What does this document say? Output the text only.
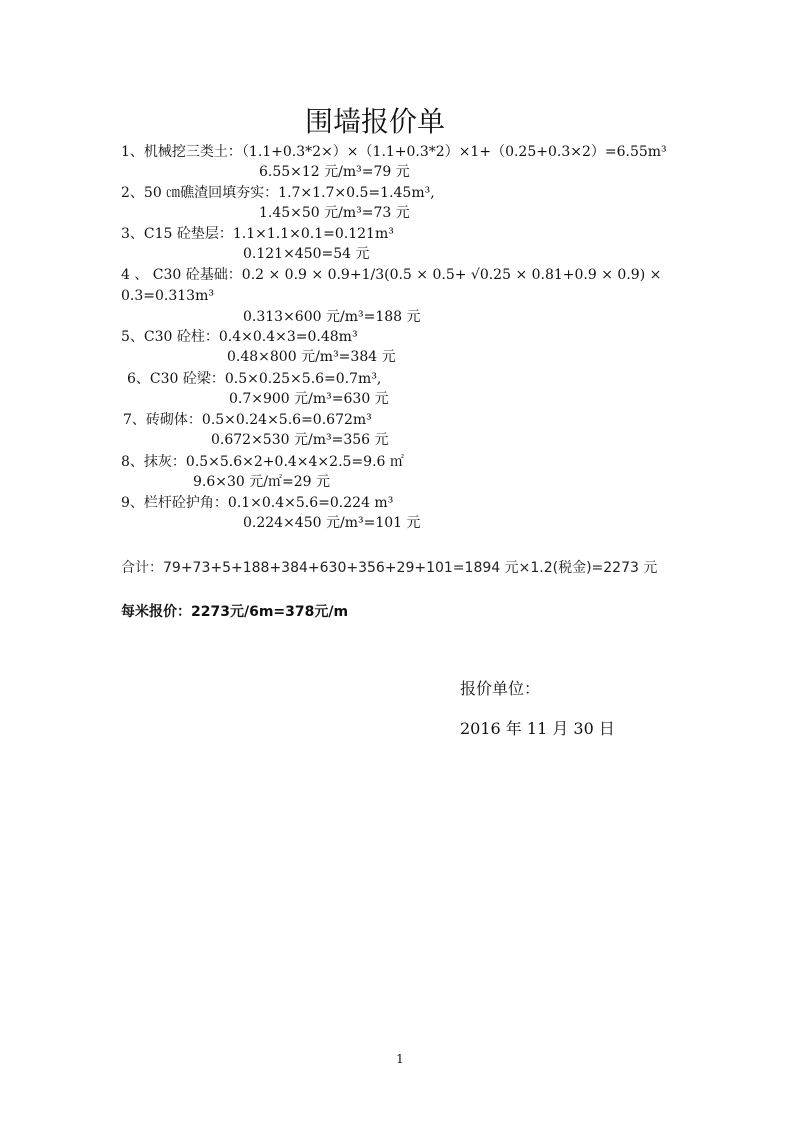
围墙报价单
1、机械挖三类土：（1.1+0.3*2×）×（1.1+0.3*2）×1+（0.25+0.3×2）=6.55m³
6.55×12 元/m³=79 元
2、50 ㎝礁渣回填夯实：1.7×1.7×0.5=1.45m³,
1.45×50 元/m³=73 元
3、C15 砼垫层：1.1×1.1×0.1=0.121m³
0.121×450=54 元
4 、 C30 砼基础：0.2 × 0.9 × 0.9+1/3(0.5 × 0.5+ √0.25 × 0.81+0.9 × 0.9) ×
0.3=0.313m³
0.313×600 元/m³=188 元
5、C30 砼柱：0.4×0.4×3=0.48m³
0.48×800 元/m³=384 元
6、C30 砼梁：0.5×0.25×5.6=0.7m³,
0.7×900 元/m³=630 元
7、砖砌体：0.5×0.24×5.6=0.672m³
0.672×530 元/m³=356 元
8、抹灰：0.5×5.6×2+0.4×4×2.5=9.6 ㎡
9.6×30 元/㎡=29 元
9、栏杆砼护角：0.1×0.4×5.6=0.224 m³
0.224×450 元/m³=101 元
合计：79+73+5+188+384+630+356+29+101=1894 元×1.2(税金)=2273 元
每米报价：2273元/6m=378元/m
报价单位：
2016 年 11 月 30 日
1
